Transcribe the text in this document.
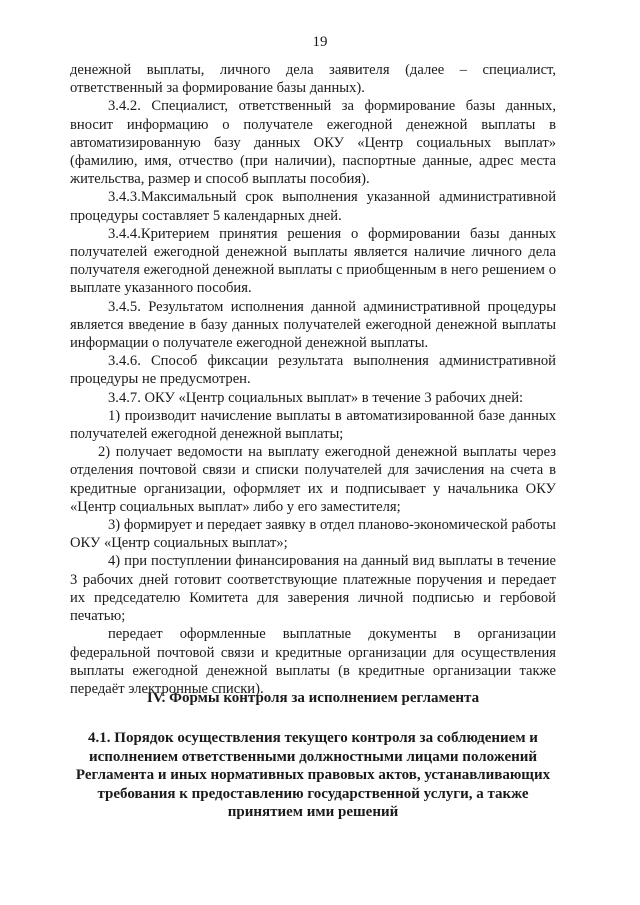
19

денежной выплаты, личного дела заявителя (далее – специалист, ответственный за формирование базы данных).

3.4.2. Специалист, ответственный за формирование базы данных, вносит информацию о получателе ежегодной денежной выплаты в автоматизированную базу данных ОКУ «Центр социальных выплат» (фамилию, имя, отчество (при наличии), паспортные данные, адрес места жительства, размер и способ выплаты пособия).

3.4.3.Максимальный срок выполнения указанной административной процедуры составляет 5 календарных дней.

3.4.4.Критерием принятия решения о формировании базы данных получателей ежегодной денежной выплаты является наличие личного дела получателя ежегодной денежной выплаты с приобщенным в него решением о выплате указанного пособия.

3.4.5. Результатом исполнения данной административной процедуры является введение в базу данных получателей ежегодной денежной выплаты информации о получателе ежегодной денежной выплаты.

3.4.6. Способ фиксации результата выполнения административной процедуры не предусмотрен.

3.4.7. ОКУ «Центр социальных выплат» в течение 3 рабочих дней:

1) производит начисление выплаты в автоматизированной базе данных получателей ежегодной денежной выплаты;

2) получает ведомости на выплату ежегодной денежной выплаты через отделения почтовой связи и списки получателей для зачисления на счета в кредитные организации, оформляет их и подписывает у начальника ОКУ «Центр социальных выплат» либо у его заместителя;

3) формирует и передает заявку в отдел планово-экономической работы ОКУ «Центр социальных выплат»;

4) при поступлении финансирования на данный вид выплаты в течение 3 рабочих дней готовит соответствующие платежные поручения и передает их председателю Комитета для заверения личной подписью и гербовой печатью;

передает оформленные выплатные документы в организации федеральной почтовой связи и кредитные организации для осуществления выплаты ежегодной денежной выплаты (в кредитные организации также передаёт электронные списки).

IV. Формы контроля за исполнением регламента
4.1. Порядок осуществления текущего контроля за соблюдением и исполнением ответственными должностными лицами положений Регламента и иных нормативных правовых актов, устанавливающих требования к предоставлению государственной услуги, а также принятием ими решений
